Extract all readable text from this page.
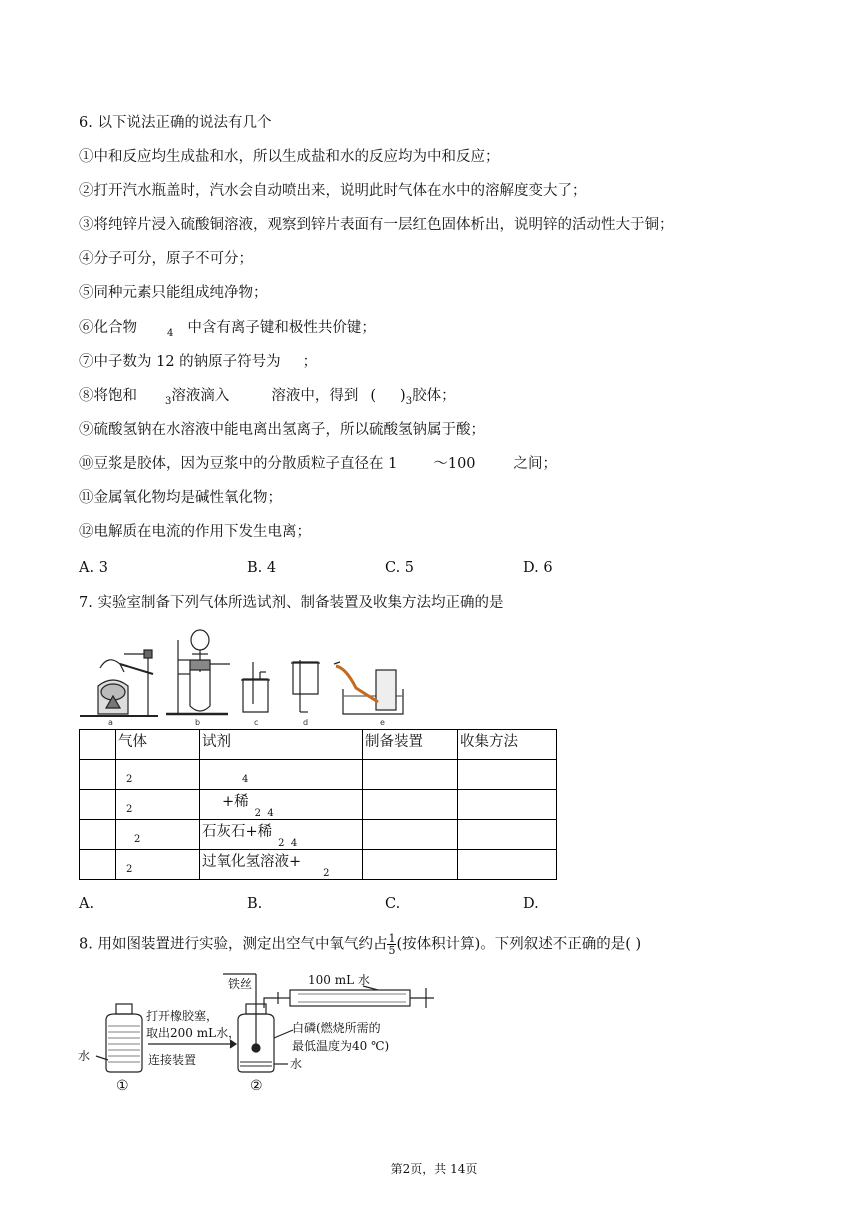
6. 以下说法正确的说法有几个
①中和反应均生成盐和水，所以生成盐和水的反应均为中和反应；
②打开汽水瓶盖时，汽水会自动喷出来，说明此时气体在水中的溶解度变大了；
③将纯锌片浸入硫酸铜溶液，观察到锌片表面有一层红色固体析出，说明锌的活动性大于铜；
④分子可分，原子不可分；
⑤同种元素只能组成纯净物；
⑥化合物	$_4$ 中含有离子键和极性共价键；
⑦中子数为 12 的钠原子符号为 ；
⑧将饱和	$_3$溶液滴入	溶液中，得到 ( )$_3$胶体；
⑨硫酸氢钠在水溶液中能电离出氢离子，所以硫酸氢钠属于酸；
⑩豆浆是胶体，因为豆浆中的分散质粒子直径在 1 ～100	之间；
⑪金属氧化物均是碱性氧化物；
⑫电解质在电流的作用下发生电离；
A. 3	B. 4	C. 5	D. 6
7. 实验室制备下列气体所选试剂、制备装置及收集方法均正确的是
a	b	c	d	e
	气体	试剂	制备装置	收集方法
	$_2$	$_4$		
	$_2$	+稀$_{2 4}$		
	$_2$	石灰石+稀$_{2 4}$		
	$_2$	过氧化氢溶液$+_2$		
A.	B.	C.	D.
8. 用如图装置进行实验，测定出空气中氧气约占 $\frac{1}{5}$(按体积计算)。下列叙述不正确的是( )
铁丝	100 mL 水
打开橡胶塞，
取出200 mL水，
连接装置
水
水
白磷(燃烧所需的
最低温度为40 ℃)
①	②
第2页，共 14页
